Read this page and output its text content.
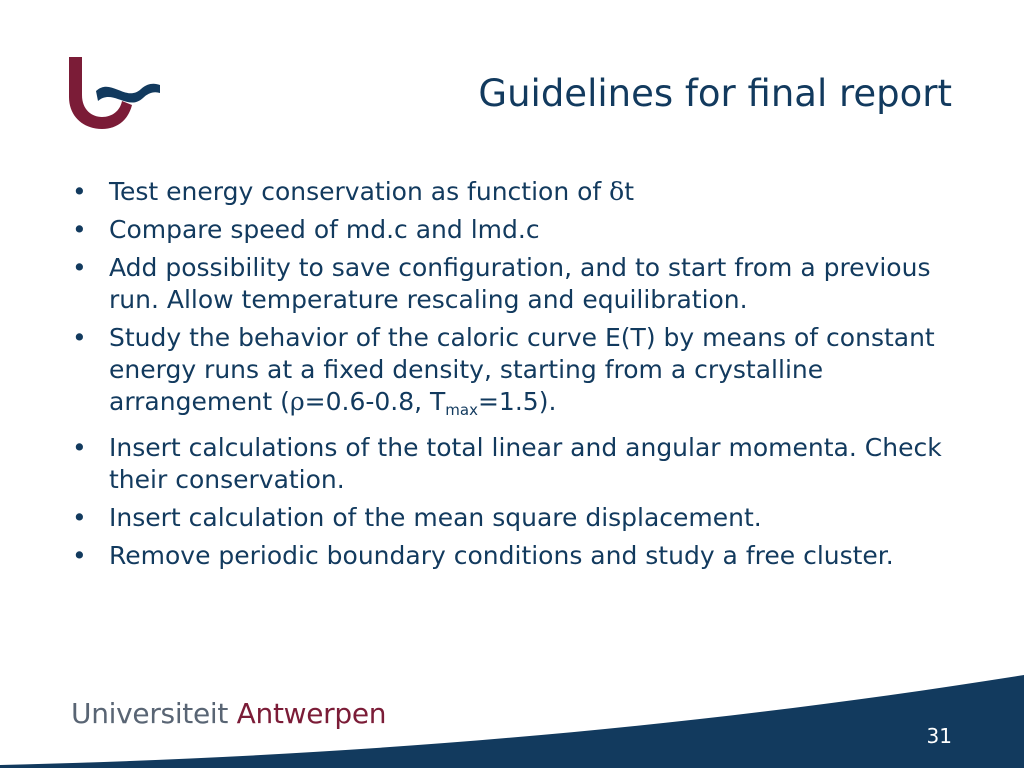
Guidelines for final report
• Test energy conservation as function of δt
• Compare speed of md.c and lmd.c
• Add possibility to save configuration, and to start from a previous run. Allow temperature rescaling and equilibration.
• Study the behavior of the caloric curve E(T) by means of constant energy runs at a fixed density, starting from a crystalline arrangement (ρ=0.6-0.8, $T_{max}=1.5$).
• Insert calculations of the total linear and angular momenta. Check their conservation.
• Insert calculation of the mean square displacement.
• Remove periodic boundary conditions and study a free cluster.
Universiteit Antwerpen
31
